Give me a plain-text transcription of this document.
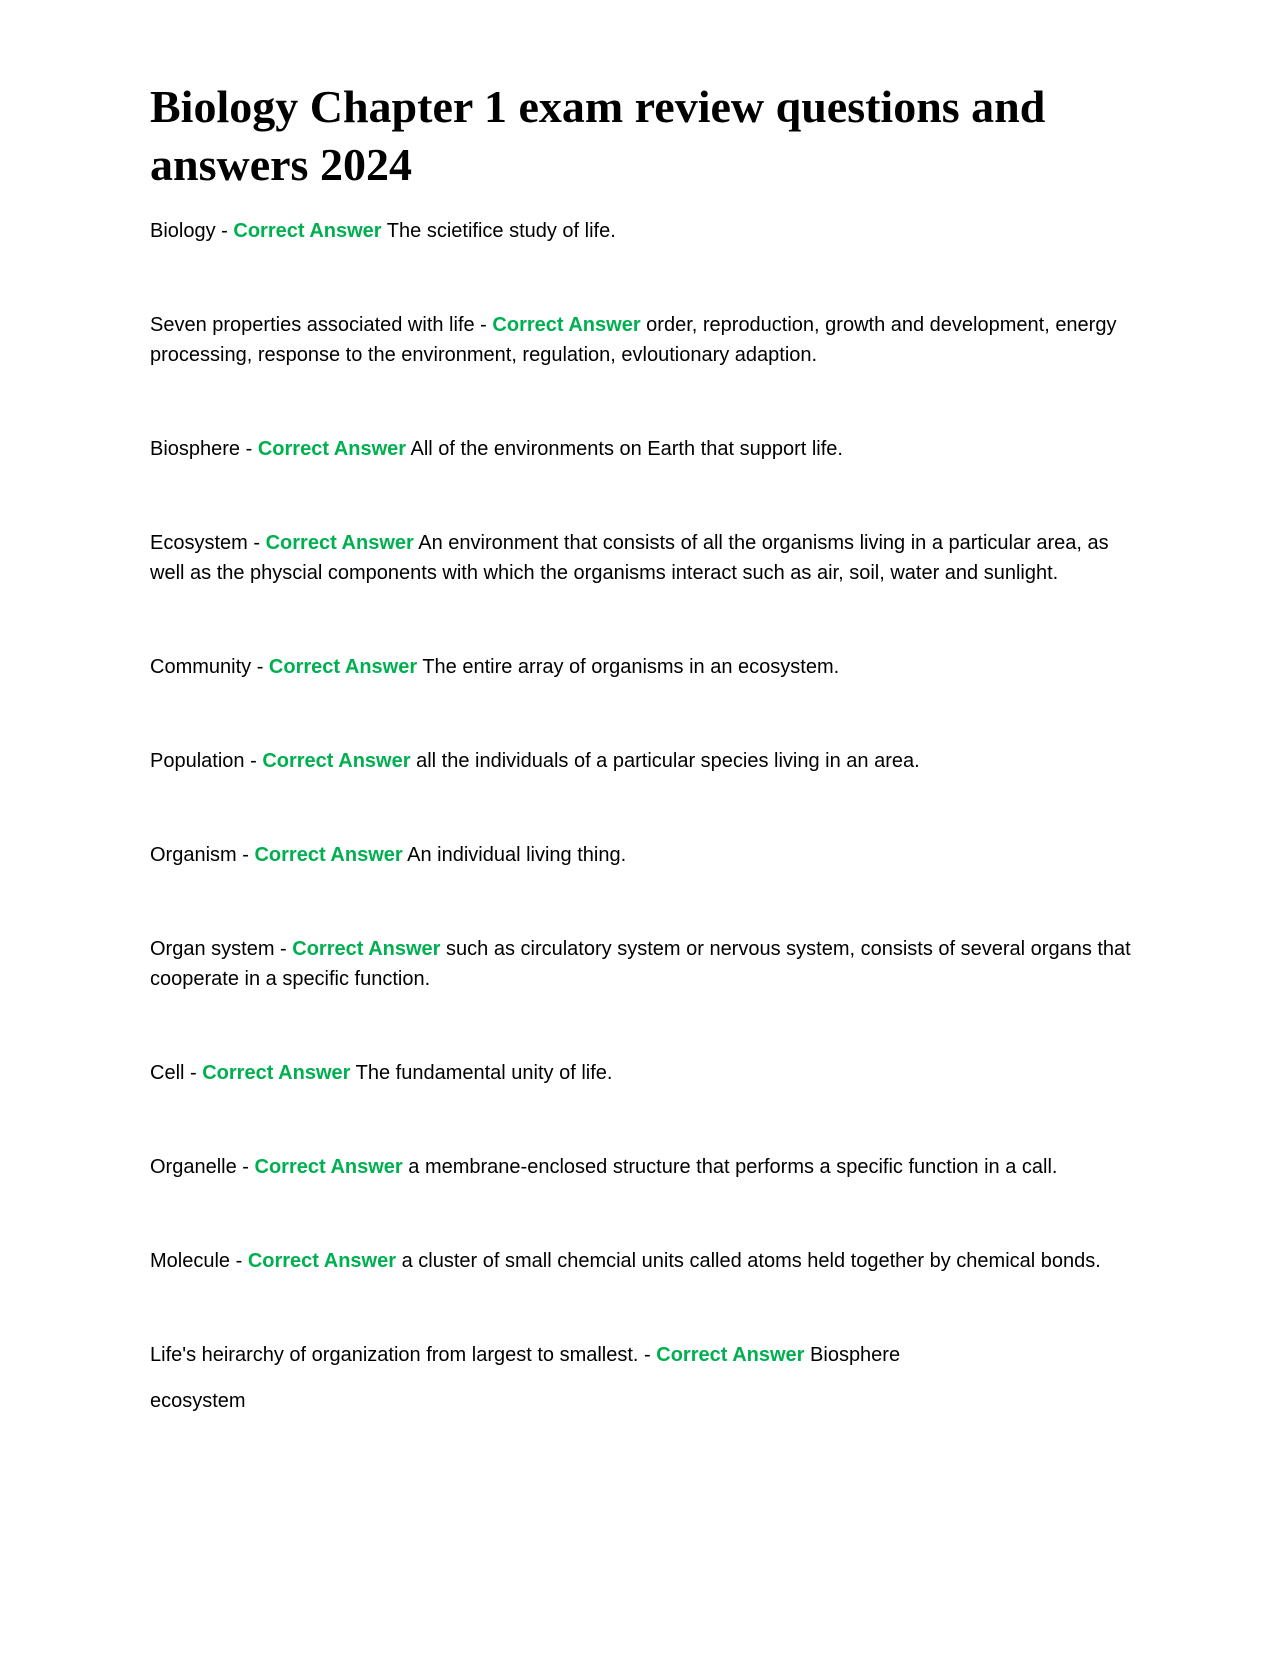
Biology Chapter 1 exam review questions and answers 2024

Biology - Correct Answer The scietifice study of life.

Seven properties associated with life - Correct Answer order, reproduction, growth and development, energy processing, response to the environment, regulation, evloutionary adaption.

Biosphere - Correct Answer All of the environments on Earth that support life.

Ecosystem - Correct Answer An environment that consists of all the organisms living in a particular area, as well as the physcial components with which the organisms interact such as air, soil, water and sunlight.

Community - Correct Answer The entire array of organisms in an ecosystem.

Population - Correct Answer all the individuals of a particular species living in an area.

Organism - Correct Answer An individual living thing.

Organ system - Correct Answer such as circulatory system or nervous system, consists of several organs that cooperate in a specific function.

Cell - Correct Answer The fundamental unity of life.

Organelle - Correct Answer a membrane-enclosed structure that performs a specific function in a call.

Molecule - Correct Answer a cluster of small chemcial units called atoms held together by chemical bonds.

Life's heirarchy of organization from largest to smallest. - Correct Answer Biosphere

ecosystem
